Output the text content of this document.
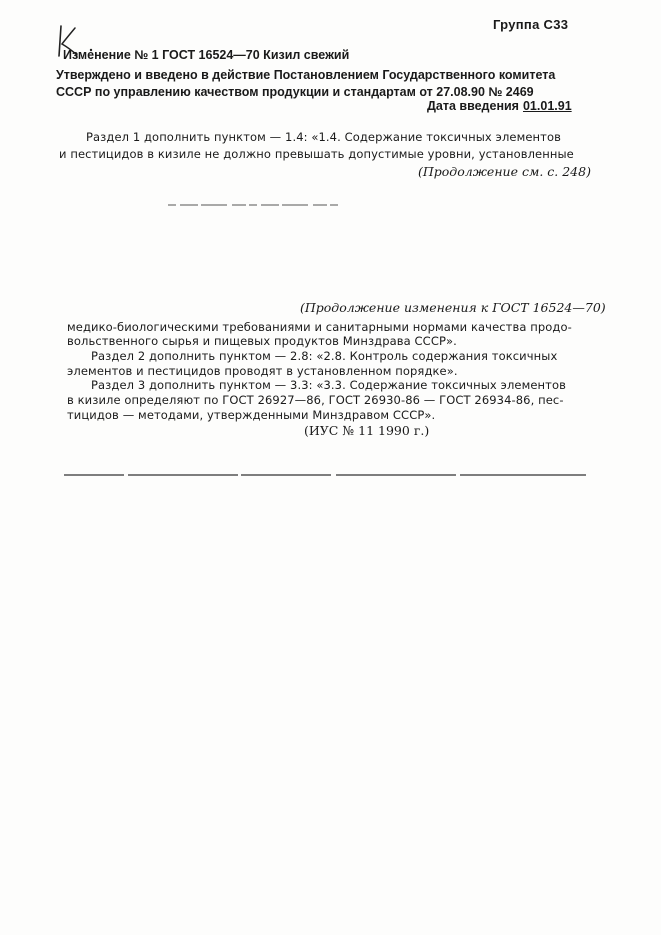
Группа С33
Изменение № 1 ГОСТ 16524—70 Кизил свежий
Утверждено и введено в действие Постановлением Государственного комитета
СССР по управлению качеством продукции и стандартам от 27.08.90 № 2469
Дата введения 01.01.91
Раздел 1 дополнить пунктом — 1.4: «1.4. Содержание токсичных элементов
и пестицидов в кизиле не должно превышать допустимые уровни, установленные
(Продолжение см. с. 248)
(Продолжение изменения к ГОСТ 16524—70)
медико-биологическими требованиями и санитарными нормами качества продо-
вольственного сырья и пищевых продуктов Минздрава СССР».
Раздел 2 дополнить пунктом — 2.8: «2.8. Контроль содержания токсичных
элементов и пестицидов проводят в установленном порядке».
Раздел 3 дополнить пунктом — 3.3: «3.3. Содержание токсичных элементов
в кизиле определяют по ГОСТ 26927—86, ГОСТ 26930-86 — ГОСТ 26934-86, пес-
тицидов — методами, утвержденными Минздравом СССР».
(ИУС № 11 1990 г.)
